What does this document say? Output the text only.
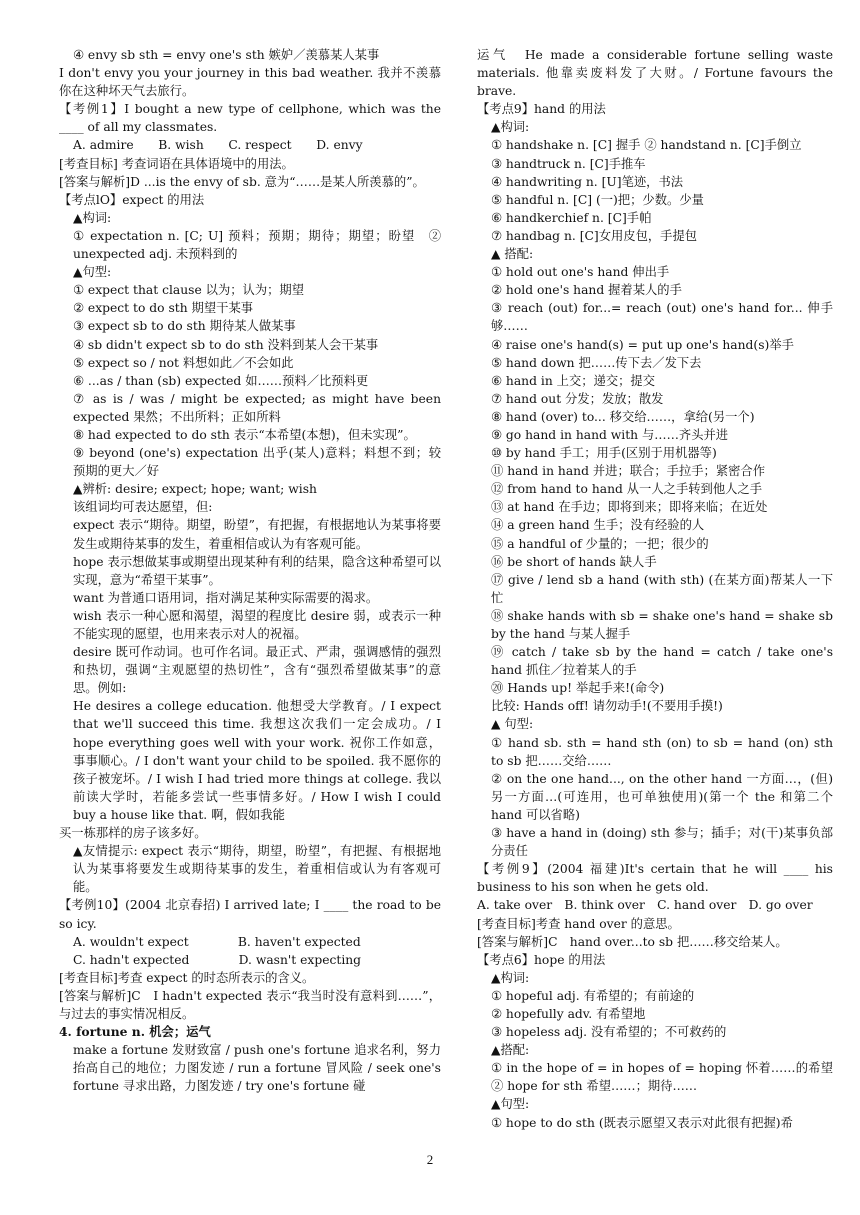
④ envy sb sth = envy one's sth 嫉妒／羡慕某人某事

I don't envy you your journey in this bad weather. 我并不羡慕你在这种坏天气去旅行。

【考例1】I bought a new type of cellphone, which was the ____ of all my classmates.

A. admire　　B. wish　　C. respect　　D. envy

[考查目标] 考查词语在具体语境中的用法。

[答案与解析]D ...is the envy of sb. 意为“……是某人所羡慕的”。

【考点lO】expect 的用法

▲构词:

① expectation n. [C; U] 预料；预期；期待；期望；盼望　② unexpected adj. 未预料到的

▲句型:

① expect that clause 以为；认为；期望

② expect to do sth 期望干某事

③ expect sb to do sth 期待某人做某事

④ sb didn't expect sb to do sth 没料到某人会干某事

⑤ expect so / not 料想如此／不会如此

⑥ ...as / than (sb) expected 如……预料／比预料更

⑦ as is / was / might be expected; as might have been expected 果然；不出所料；正如所料

⑧ had expected to do sth 表示“本希望(本想)，但未实现”。

⑨ beyond (one's) expectation 出乎(某人)意料；料想不到；较预期的更大／好

▲辨析: desire; expect; hope; want; wish

该组词均可表达愿望，但:

expect 表示“期待。期望，盼望”，有把握，有根据地认为某事将要发生或期待某事的发生，着重相信或认为有客观可能。

hope 表示想做某事或期望出现某种有利的结果，隐含这种希望可以实现，意为“希望干某事”。

want 为普通口语用词，指对满足某种实际需要的渴求。

wish 表示一种心愿和渴望，渴望的程度比 desire 弱，或表示一种不能实现的愿望，也用来表示对人的祝福。

desire 既可作动词。也可作名词。最正式、严肃，强调感情的强烈和热切，强调“主观愿望的热切性”，含有“强烈希望做某事”的意思。例如:

He desires a college education. 他想受大学教育。/ I expect that we'll succeed this time. 我想这次我们一定会成功。/ I hope everything goes well with your work. 祝你工作如意，事事顺心。/ I don't want your child to be spoiled. 我不愿你的孩子被宠坏。/ I wish I had tried more things at college. 我以前读大学时，若能多尝试一些事情多好。/ How I wish I could buy a house like that. 啊，假如我能

买一栋那样的房子该多好。

▲友情提示: expect 表示“期待，期望，盼望”，有把握、有根据地认为某事将要发生或期待某事的发生，着重相信或认为有客观可能。

【考例10】(2004 北京春招) I arrived late; I ____ the road to be so icy.

A. wouldn't expect　　　　B. haven't expected

C. hadn't expected　　　　D. wasn't expecting

[考查目标]考查 expect 的时态所表示的含义。

[答案与解析]C　I hadn't expected 表示“我当时没有意料到……”，与过去的事实情况相反。

4. fortune n. 机会；运气

make a fortune 发财致富 / push one's fortune 追求名利，努力抬高自己的地位；力图发迹 / run a fortune 冒风险 / seek one's fortune 寻求出路，力图发迹 / try one's fortune 碰

运气　He made a considerable fortune selling waste materials. 他靠卖废料发了大财。/ Fortune favours the brave.

【考点9】hand 的用法

▲构词:

① handshake n. [C] 握手 ② handstand n. [C]手倒立

③ handtruck n. [C]手推车

④ handwriting n. [U]笔迹，书法

⑤ handful n. [C] (一)把；少数。少量

⑥ handkerchief n. [C]手帕

⑦ handbag n. [C]女用皮包，手提包

▲ 搭配:

① hold out one's hand 伸出手

② hold one's hand 握着某人的手

③ reach (out) for...= reach (out) one's hand for... 伸手够……

④ raise one's hand(s) = put up one's hand(s)举手

⑤ hand down 把……传下去／发下去

⑥ hand in 上交；递交；提交

⑦ hand out 分发；发放；散发

⑧ hand (over) to... 移交给……，拿给(另一个)

⑨ go hand in hand with 与……齐头并进

⑩ by hand 手工；用手(区别于用机器等)

⑪ hand in hand 并进；联合；手拉手；紧密合作

⑫ from hand to hand 从一人之手转到他人之手

⑬ at hand 在手边；即将到来；即将来临；在近处

⑭ a green hand 生手；没有经验的人

⑮ a handful of 少量的；一把；很少的

⑯ be short of hands 缺人手

⑰ give / lend sb a hand (with sth) (在某方面)帮某人一下忙

⑱ shake hands with sb = shake one's hand = shake sb by the hand 与某人握手

⑲ catch / take sb by the hand = catch / take one's hand 抓住／拉着某人的手

⑳ Hands up! 举起手来!(命令)

比较: Hands off! 请勿动手!(不要用手摸!)

▲ 句型:

① hand sb. sth = hand sth (on) to sb = hand (on) sth to sb 把……交给……

② on the one hand..., on the other hand 一方面…，(但)另一方面…(可连用，也可单独使用)(第一个 the 和第二个 hand 可以省略)

③ have a hand in (doing) sth 参与；插手；对(干)某事负部分责任

【考例9】(2004 福建)It's certain that he will ____ his business to his son when he gets old.

A. take over　B. think over　C. hand over　D. go over

[考查目标]考查 hand over 的意思。

[答案与解析]C　hand over...to sb 把……移交给某人。

【考点6】hope 的用法

▲构词:

① hopeful adj. 有希望的；有前途的

② hopefully adv. 有希望地

③ hopeless adj. 没有希望的；不可救药的

▲搭配:

① in the hope of = in hopes of = hoping 怀着……的希望　② hope for sth 希望……；期待……

▲句型:

① hope to do sth (既表示愿望又表示对此很有把握)希

2
